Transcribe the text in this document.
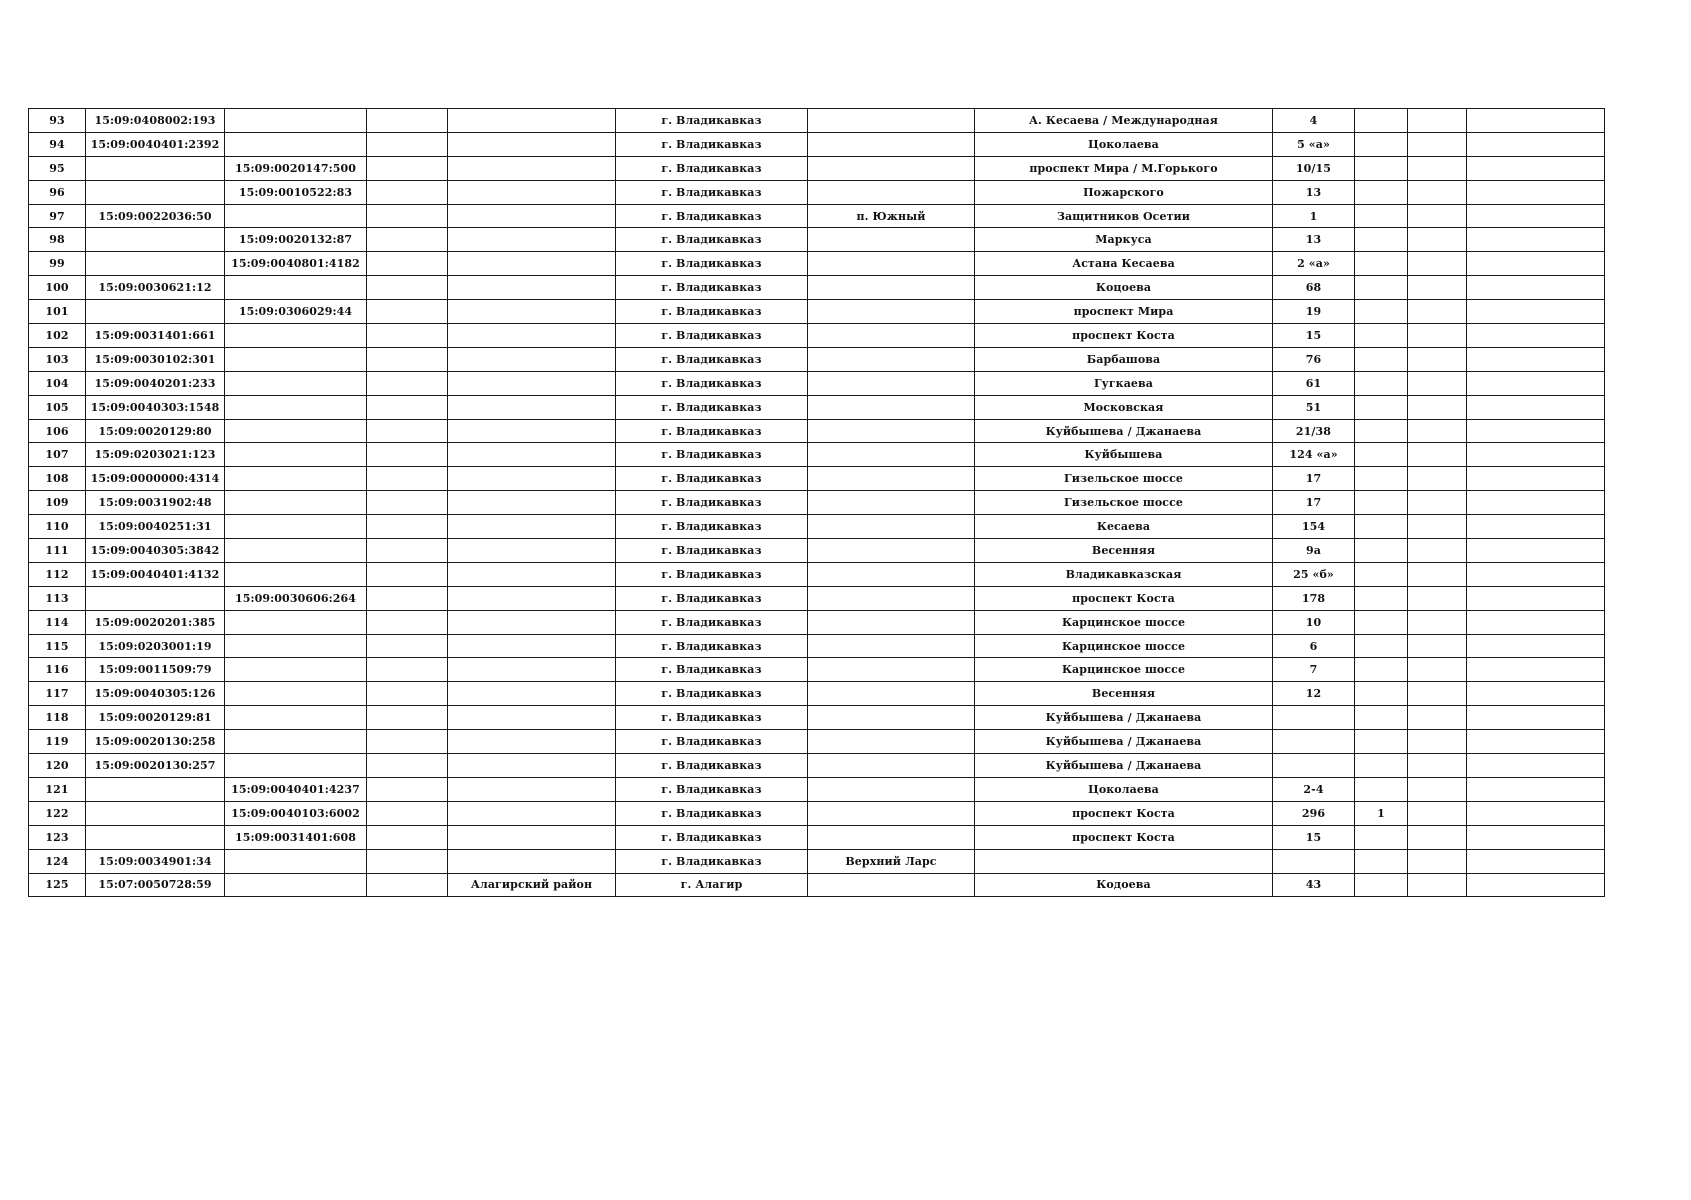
93	15:09:0408002:193				г. Владикавказ		А. Кесаева / Международная	4			
94	15:09:0040401:2392				г. Владикавказ		Цоколаева	5 «а»			
95		15:09:0020147:500			г. Владикавказ		проспект Мира / М.Горького	10/15			
96		15:09:0010522:83			г. Владикавказ		Пожарского	13			
97	15:09:0022036:50				г. Владикавказ	п. Южный	Защитников Осетии	1			
98		15:09:0020132:87			г. Владикавказ		Маркуса	13			
99		15:09:0040801:4182			г. Владикавказ		Астана Кесаева	2 «а»			
100	15:09:0030621:12				г. Владикавказ		Коцоева	68			
101		15:09:0306029:44			г. Владикавказ		проспект Мира	19			
102	15:09:0031401:661				г. Владикавказ		проспект Коста	15			
103	15:09:0030102:301				г. Владикавказ		Барбашова	76			
104	15:09:0040201:233				г. Владикавказ		Гугкаева	61			
105	15:09:0040303:1548				г. Владикавказ		Московская	51			
106	15:09:0020129:80				г. Владикавказ		Куйбышева / Джанаева	21/38			
107	15:09:0203021:123				г. Владикавказ		Куйбышева	124 «а»			
108	15:09:0000000:4314				г. Владикавказ		Гизельское шоссе	17			
109	15:09:0031902:48				г. Владикавказ		Гизельское шоссе	17			
110	15:09:0040251:31				г. Владикавказ		Кесаева	154			
111	15:09:0040305:3842				г. Владикавказ		Весенняя	9а			
112	15:09:0040401:4132				г. Владикавказ		Владикавказская	25 «б»			
113		15:09:0030606:264			г. Владикавказ		проспект Коста	178			
114	15:09:0020201:385				г. Владикавказ		Карцинское шоссе	10			
115	15:09:0203001:19				г. Владикавказ		Карцинское шоссе	6			
116	15:09:0011509:79				г. Владикавказ		Карцинское шоссе	7			
117	15:09:0040305:126				г. Владикавказ		Весенняя	12			
118	15:09:0020129:81				г. Владикавказ		Куйбышева / Джанаева				
119	15:09:0020130:258				г. Владикавказ		Куйбышева / Джанаева				
120	15:09:0020130:257				г. Владикавказ		Куйбышева / Джанаева				
121		15:09:0040401:4237			г. Владикавказ		Цоколаева	2-4			
122		15:09:0040103:6002			г. Владикавказ		проспект Коста	296	1		
123		15:09:0031401:608			г. Владикавказ		проспект Коста	15			
124	15:09:0034901:34				г. Владикавказ	Верхний Ларс					
125	15:07:0050728:59			Алагирский район	г. Алагир		Кодоева	43			
